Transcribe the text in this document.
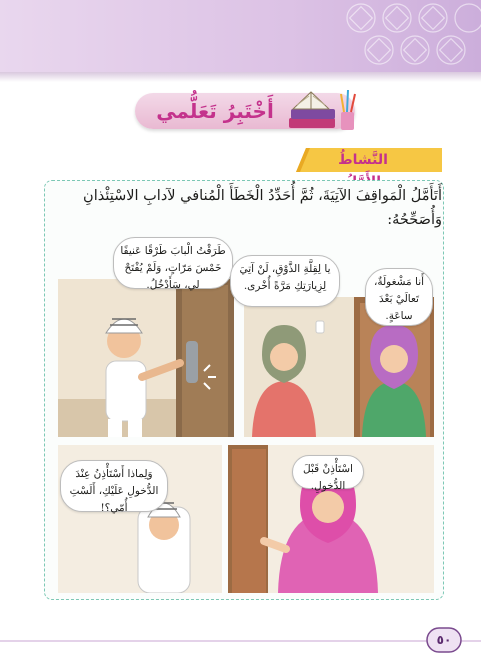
أَخْتَبِرُ تَعَلُّمي
النَّشاطُ
أَتَأَمَّلُ الْمَواقِفَ الآتِيَةَ، ثُمَّ أُحَدِّدُ الْخَطَأَ الْمُنافي لآدابِ الاسْتِئْذانِ وَأُصَحِّحُهُ:
طَرَقْتُ الْبابَ طَرْقًا عَنيفًا خَمْسَ مَرّاتٍ، وَلَمْ يُفْتَحْ لي، سَأَدْخُلُ.	أَنا مَشْغولَةٌ، تَعالَيْ بَعْدَ ساعَةٍ.
يا لِقِلَّةِ الذَّوْقِ، لَنْ آتِيَ لِزِيارَتِكِ مَرَّةً أُخْرى.
وَلِماذا أَسْتَأْذِنُ عِنْدَ الدُّخولِ عَلَيْكِ، أَلَسْتِ أُمّي؟!
اسْتَأْذِنْ قَبْلَ الدُّخولِ.
٥٠
